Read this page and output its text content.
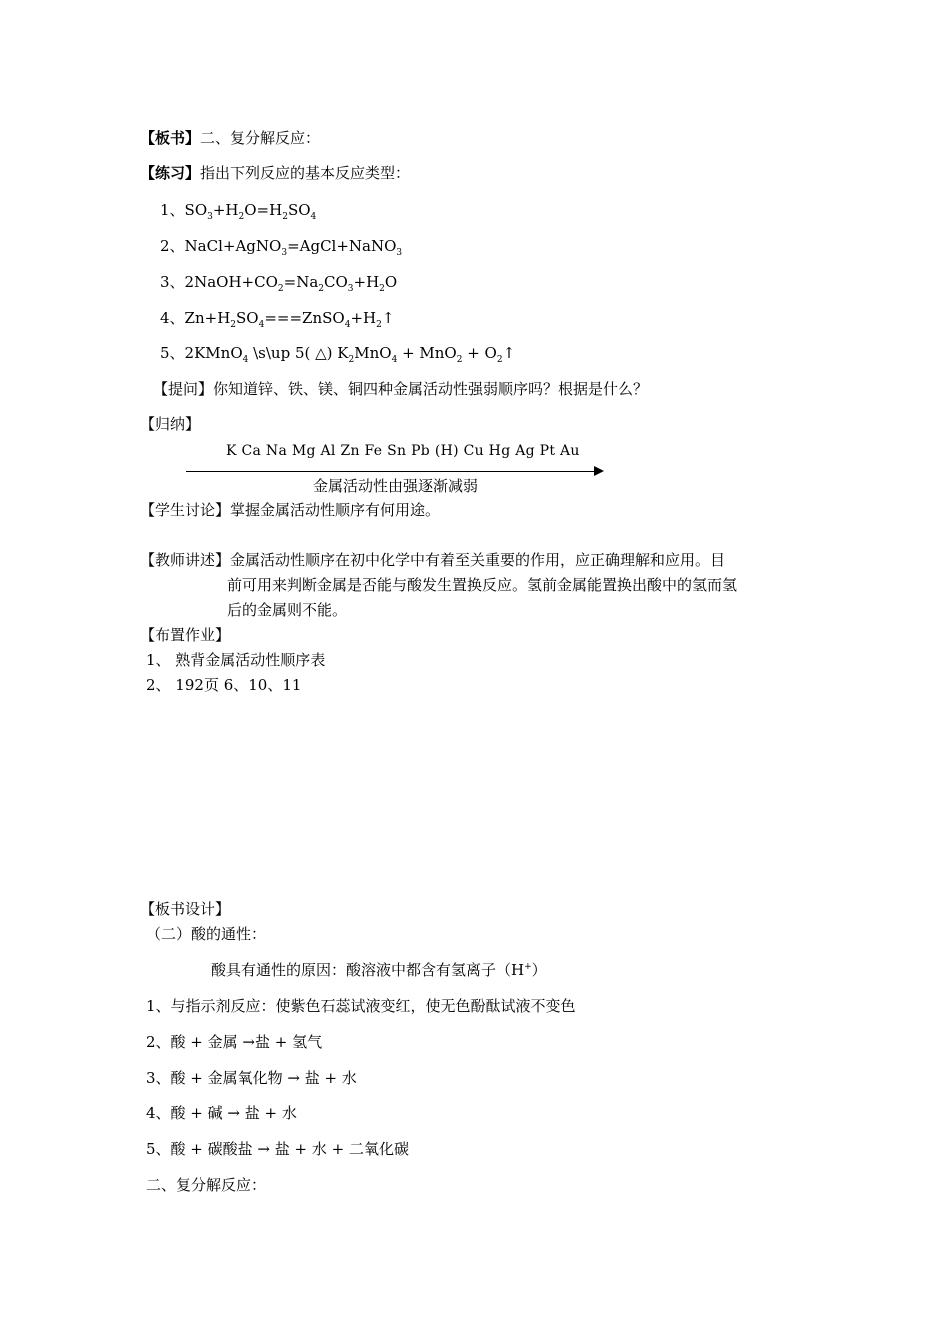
【板书】二、复分解反应：
【练习】指出下列反应的基本反应类型：
1、$SO_3+H_2O=H_2SO_4$
2、NaCl+AgNO$_3$=AgCl+NaNO$_3$
3、$2NaOH+CO_2=Na_2CO_3+H_2O$
4、$Zn+H_2SO_4===ZnSO_4+H_2↑$
5、2KMnO$_4$ \s\up 5( △) $K_2MnO_4 + MnO_2$ + $O_2↑$
【提问】你知道锌、铁、镁、铜四种金属活动性强弱顺序吗？根据是什么？
【归纳】
K Ca Na Mg Al Zn Fe Sn Pb (H) Cu Hg Ag Pt Au
金属活动性由强逐渐减弱
【学生讨论】掌握金属活动性顺序有何用途。
【教师讲述】金属活动性顺序在初中化学中有着至关重要的作用，应正确理解和应用。目
前可用来判断金属是否能与酸发生置换反应。氢前金属能置换出酸中的氢而氢
后的金属则不能。
【布置作业】
1、 熟背金属活动性顺序表
2、 192页 6、10、11
【板书设计】
（二）酸的通性：
酸具有通性的原因：酸溶液中都含有氢离子（H+）
1、与指示剂反应：使紫色石蕊试液变红，使无色酚酞试液不变色
2、酸 + 金属 →盐 + 氢气
3、酸 + 金属氧化物 → 盐 + 水
4、酸 + 碱 → 盐 + 水
5、酸 + 碳酸盐 → 盐 + 水 + 二氧化碳
二、复分解反应：
